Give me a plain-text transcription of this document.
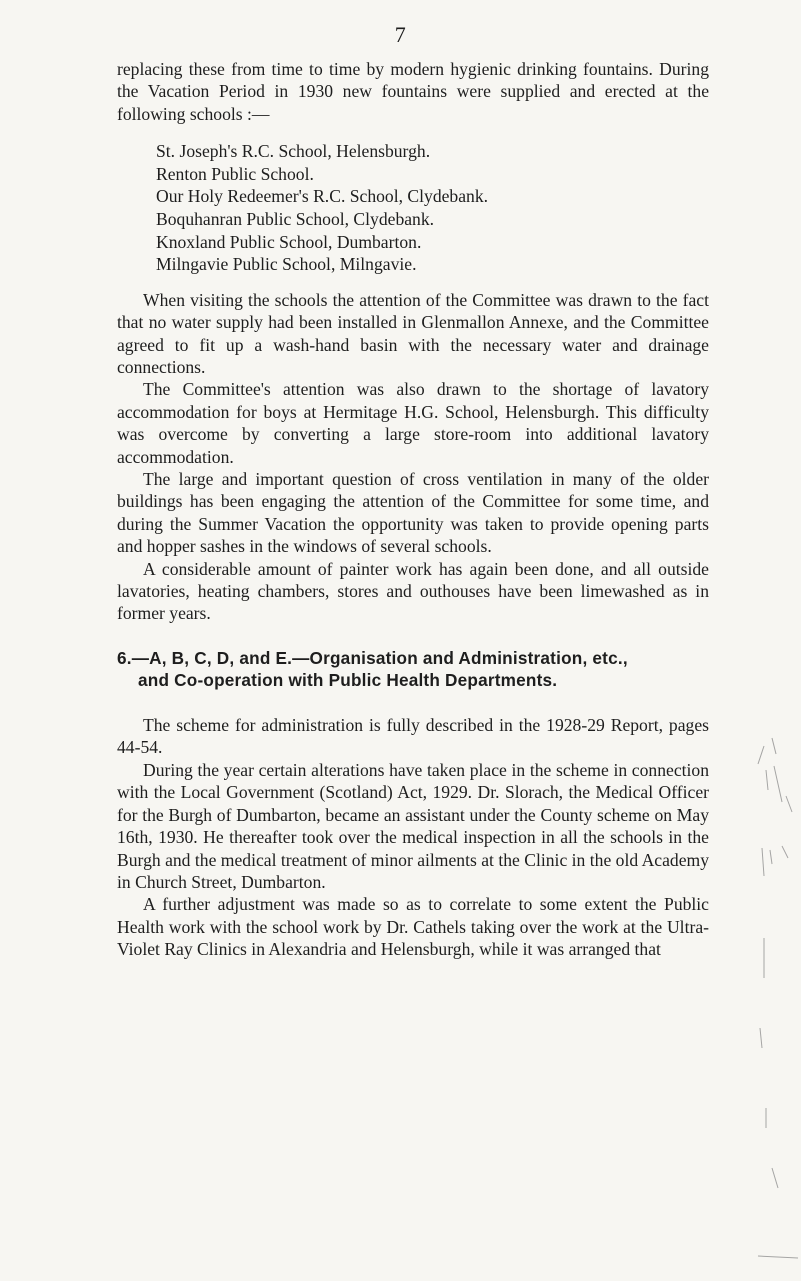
7

replacing these from time to time by modern hygienic drinking fountains. During the Vacation Period in 1930 new fountains were supplied and erected at the following schools :—

St. Joseph's R.C. School, Helensburgh.
Renton Public School.
Our Holy Redeemer's R.C. School, Clydebank.
Boquhanran Public School, Clydebank.
Knoxland Public School, Dumbarton.
Milngavie Public School, Milngavie.

When visiting the schools the attention of the Committee was drawn to the fact that no water supply had been installed in Glenmallon Annexe, and the Committee agreed to fit up a wash-hand basin with the necessary water and drainage connections.

The Committee's attention was also drawn to the shortage of lavatory accommodation for boys at Hermitage H.G. School, Helensburgh. This difficulty was overcome by converting a large store-room into additional lavatory accommodation.

The large and important question of cross ventilation in many of the older buildings has been engaging the attention of the Committee for some time, and during the Summer Vacation the opportunity was taken to provide opening parts and hopper sashes in the windows of several schools.

A considerable amount of painter work has again been done, and all outside lavatories, heating chambers, stores and outhouses have been limewashed as in former years.

6.—A, B, C, D, and E.—Organisation and Administration, etc.,
and Co-operation with Public Health Departments.

The scheme for administration is fully described in the 1928-29 Report, pages 44-54.

During the year certain alterations have taken place in the scheme in connection with the Local Government (Scotland) Act, 1929. Dr. Slorach, the Medical Officer for the Burgh of Dumbarton, became an assistant under the County scheme on May 16th, 1930. He thereafter took over the medical inspection in all the schools in the Burgh and the medical treatment of minor ailments at the Clinic in the old Academy in Church Street, Dumbarton.

A further adjustment was made so as to correlate to some extent the Public Health work with the school work by Dr. Cathels taking over the work at the Ultra-Violet Ray Clinics in Alexandria and Helensburgh, while it was arranged that
